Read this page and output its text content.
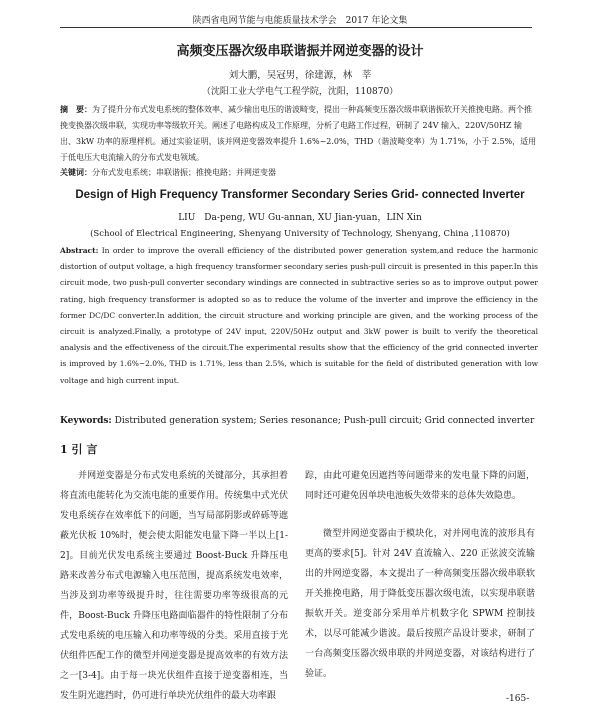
陕西省电网节能与电能质量技术学会　2017 年论文集
高频变压器次级串联谐振并网逆变器的设计
刘大鹏，吴冠男，徐建源，林　莘
（沈阳工业大学电气工程学院，沈阳，110870）
摘　要：为了提升分布式发电系统的整体效率、减少输出电压的谐波畸变，提出一种高频变压器次级串联谐振软开关推挽电路。两个推挽变换器次级串联，实现功率等级软开关。阐述了电路构成及工作原理，分析了电路工作过程，研制了 24V 输入、220V/50HZ 输出、3kW 功率的原理样机。通过实验证明，该并网逆变器效率提升 1.6%~2.0%，THD（谐波畸变率）为 1.71%，小于 2.5%，适用于低电压大电流输入的分布式发电领域。
关键词：分布式发电系统；串联谐振；推挽电路；并网逆变器
Design of High Frequency Transformer Secondary Series Grid- connected Inverter
LIU　Da-peng, WU Gu-annan, XU Jian-yuan，LIN Xin
(School of Electrical Engineering, Shenyang University of Technology, Shenyang, China ,110870)
Abstract: In order to improve the overall efficiency of the distributed power generation system,and reduce the harmonic distortion of output voltage, a high frequency transformer secondary series push-pull circuit is presented in this paper.In this circuit mode, two push-pull converter secondary windings are connected in subtractive series so as to improve output power rating, high frequency transformer is adopted so as to reduce the volume of the inverter and improve the efficiency in the former DC/DC converter.In addition, the circuit structure and working principle are given, and the working process of the circuit is analyzed.Finally, a prototype of 24V input, 220V/50Hz output and 3kW power is built to verify the theoretical analysis and the effectiveness of the circuit.The experimental results show that the efficiency of the grid connected inverter is improved by 1.6%~2.0%, THD is 1.71%, less than 2.5%, which is suitable for the field of distributed generation with low voltage and high current input.
Keywords: Distributed generation system; Series resonance; Push-pull circuit; Grid connected inverter
1 引 言

并网逆变器是分布式发电系统的关键部分，其承担着将直流电能转化为交流电能的重要作用。传统集中式光伏发电系统存在效率低下的问题，当写局部阴影或碎砾等遮蔽光伏板 10%时，便会使太阳能发电量下降一半以上[1-2]。目前光伏发电系统主要通过 Boost-Buck 升降压电路来改善分布式电源输入电压范围，提高系统发电效率，当涉及到功率等级提升时，往往需要功率等级很高的元件，Boost-Buck 升降压电路面临器件的特性限制了分布式发电系统的电压输入和功率等级的分类。采用直接于光伏组件匹配工作的微型并网逆变器是提高效率的有效方法之一[3-4]。由于每一块光伏组件直接于逆变器相连，当发生阴光遮挡时，仍可进行单块光伏组件的最大功率跟

踪，由此可避免因遮挡等问题带来的发电量下降的问题，同时还可避免因单块电池板失效带来的总体失效隐患。

微型并网逆变器由于模块化，对并网电流的波形具有更高的要求[5]。针对 24V 直流输入、220 正弦波交流输出的并网逆变器，本文提出了一种高频变压器次级串联软开关推挽电路，用于降低变压器次级电流，以实现串联谐振软开关。逆变部分采用单片机数字化 SPWM 控制技术，以尽可能减少谐波。最后按照产品设计要求，研制了一台高频变压器次级串联的并网逆变器，对该结构进行了验证。

-165-
